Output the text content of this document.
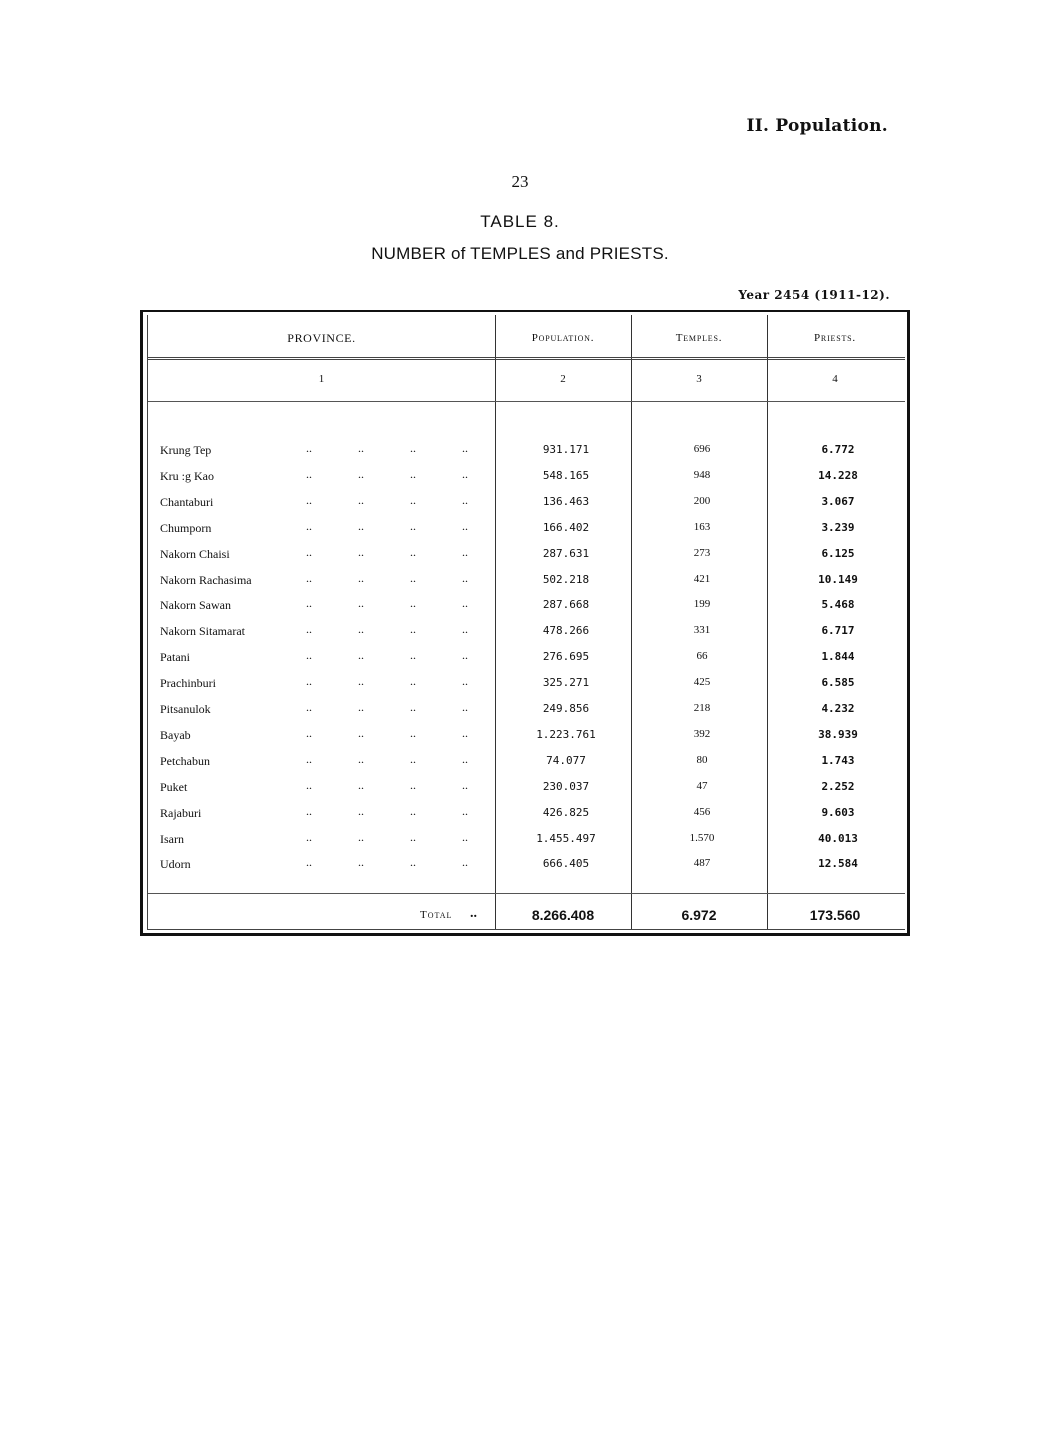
II. Population.
23
TABLE 8.
NUMBER of TEMPLES and PRIESTS.
Year 2454 (1911-12).
PROVINCE.	Population.	Temples.	Priests.
1	2	3	4
Krung Tep	..	..	..	..	931.171	696	6.772
Kru :g Kao	..	..	..	..	548.165	948	14.228
Chantaburi	..	..	..	..	136.463	200	3.067
Chumporn	..	..	..	..	166.402	163	3.239
Nakorn Chaisi	..	..	..	..	287.631	273	6.125
Nakorn Rachasima	..	..	..	..	502.218	421	10.149
Nakorn Sawan	..	..	..	..	287.668	199	5.468
Nakorn Sitamarat	..	..	..	..	478.266	331	6.717
Patani	..	..	..	..	276.695	66	1.844
Prachinburi	..	..	..	..	325.271	425	6.585
Pitsanulok	..	..	..	..	249.856	218	4.232
Bayab	..	..	..	..	1.223.761	392	38.939
Petchabun	..	..	..	..	74.077	80	1.743
Puket	..	..	..	..	230.037	47	2.252
Rajaburi	..	..	..	..	426.825	456	9.603
Isarn	..	..	..	..	1.455.497	1.570	40.013
Udorn	..	..	..	..	666.405	487	12.584
Total ..	8.266.408	6.972	173.560
